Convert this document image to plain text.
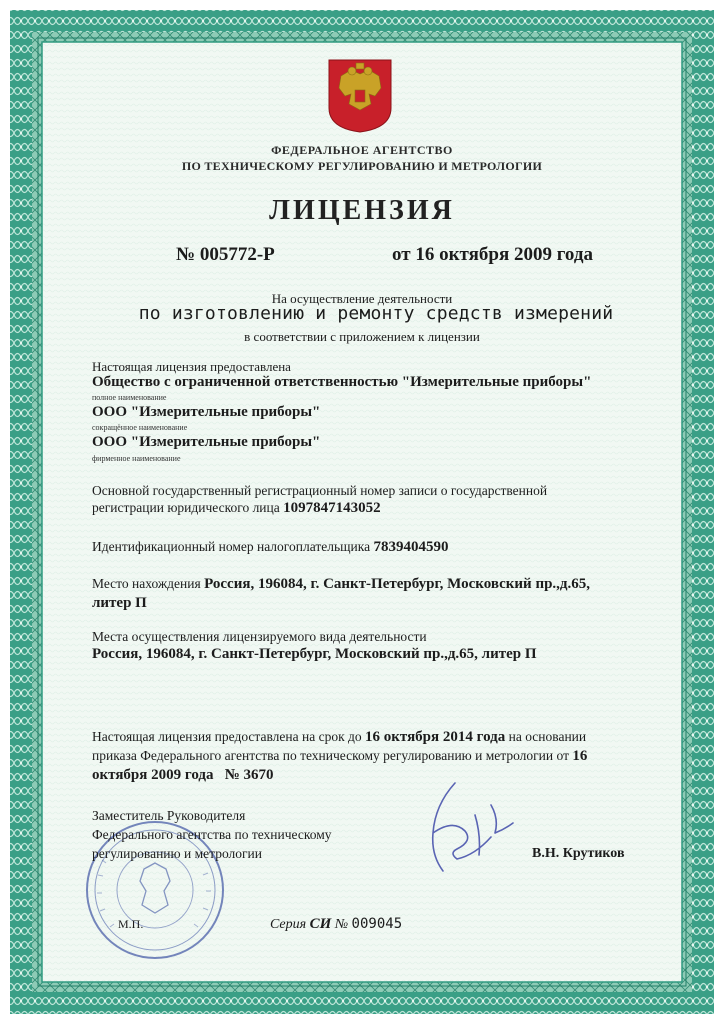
ФЕДЕРАЛЬНОЕ АГЕНТСТВО
ПО ТЕХНИЧЕСКОМУ РЕГУЛИРОВАНИЮ И МЕТРОЛОГИИ
ЛИЦЕНЗИЯ
№ 005772-Р	от 16 октября 2009 года
На осуществление деятельности
по изготовлению и ремонту средств измерений
в соответствии с приложением к лицензии
Настоящая лицензия предоставлена
Общество с ограниченной ответственностью "Измерительные приборы"
полное наименование
ООО "Измерительные приборы"
сокращённое наименование
ООО "Измерительные приборы"
фирменное наименование
Основной государственный регистрационный номер записи о государственной
регистрации юридического лица 1097847143052
Идентификационный номер налогоплательщика 7839404590
Место нахождения Россия, 196084, г. Санкт-Петербург, Московский пр.,д.65,
литер П
Места осуществления лицензируемого вида деятельности
Россия, 196084, г. Санкт-Петербург, Московский пр.,д.65, литер П
Настоящая лицензия предоставлена на срок до 16 октября 2014 года на основании
приказа Федерального агентства по техническому регулированию и метрологии от 16
октября 2009 года № 3670
Заместитель Руководителя
Федерального агентства по техническому
регулированию и метрологии	В.Н. Крутиков
М.П.	Серия СИ № 009045
